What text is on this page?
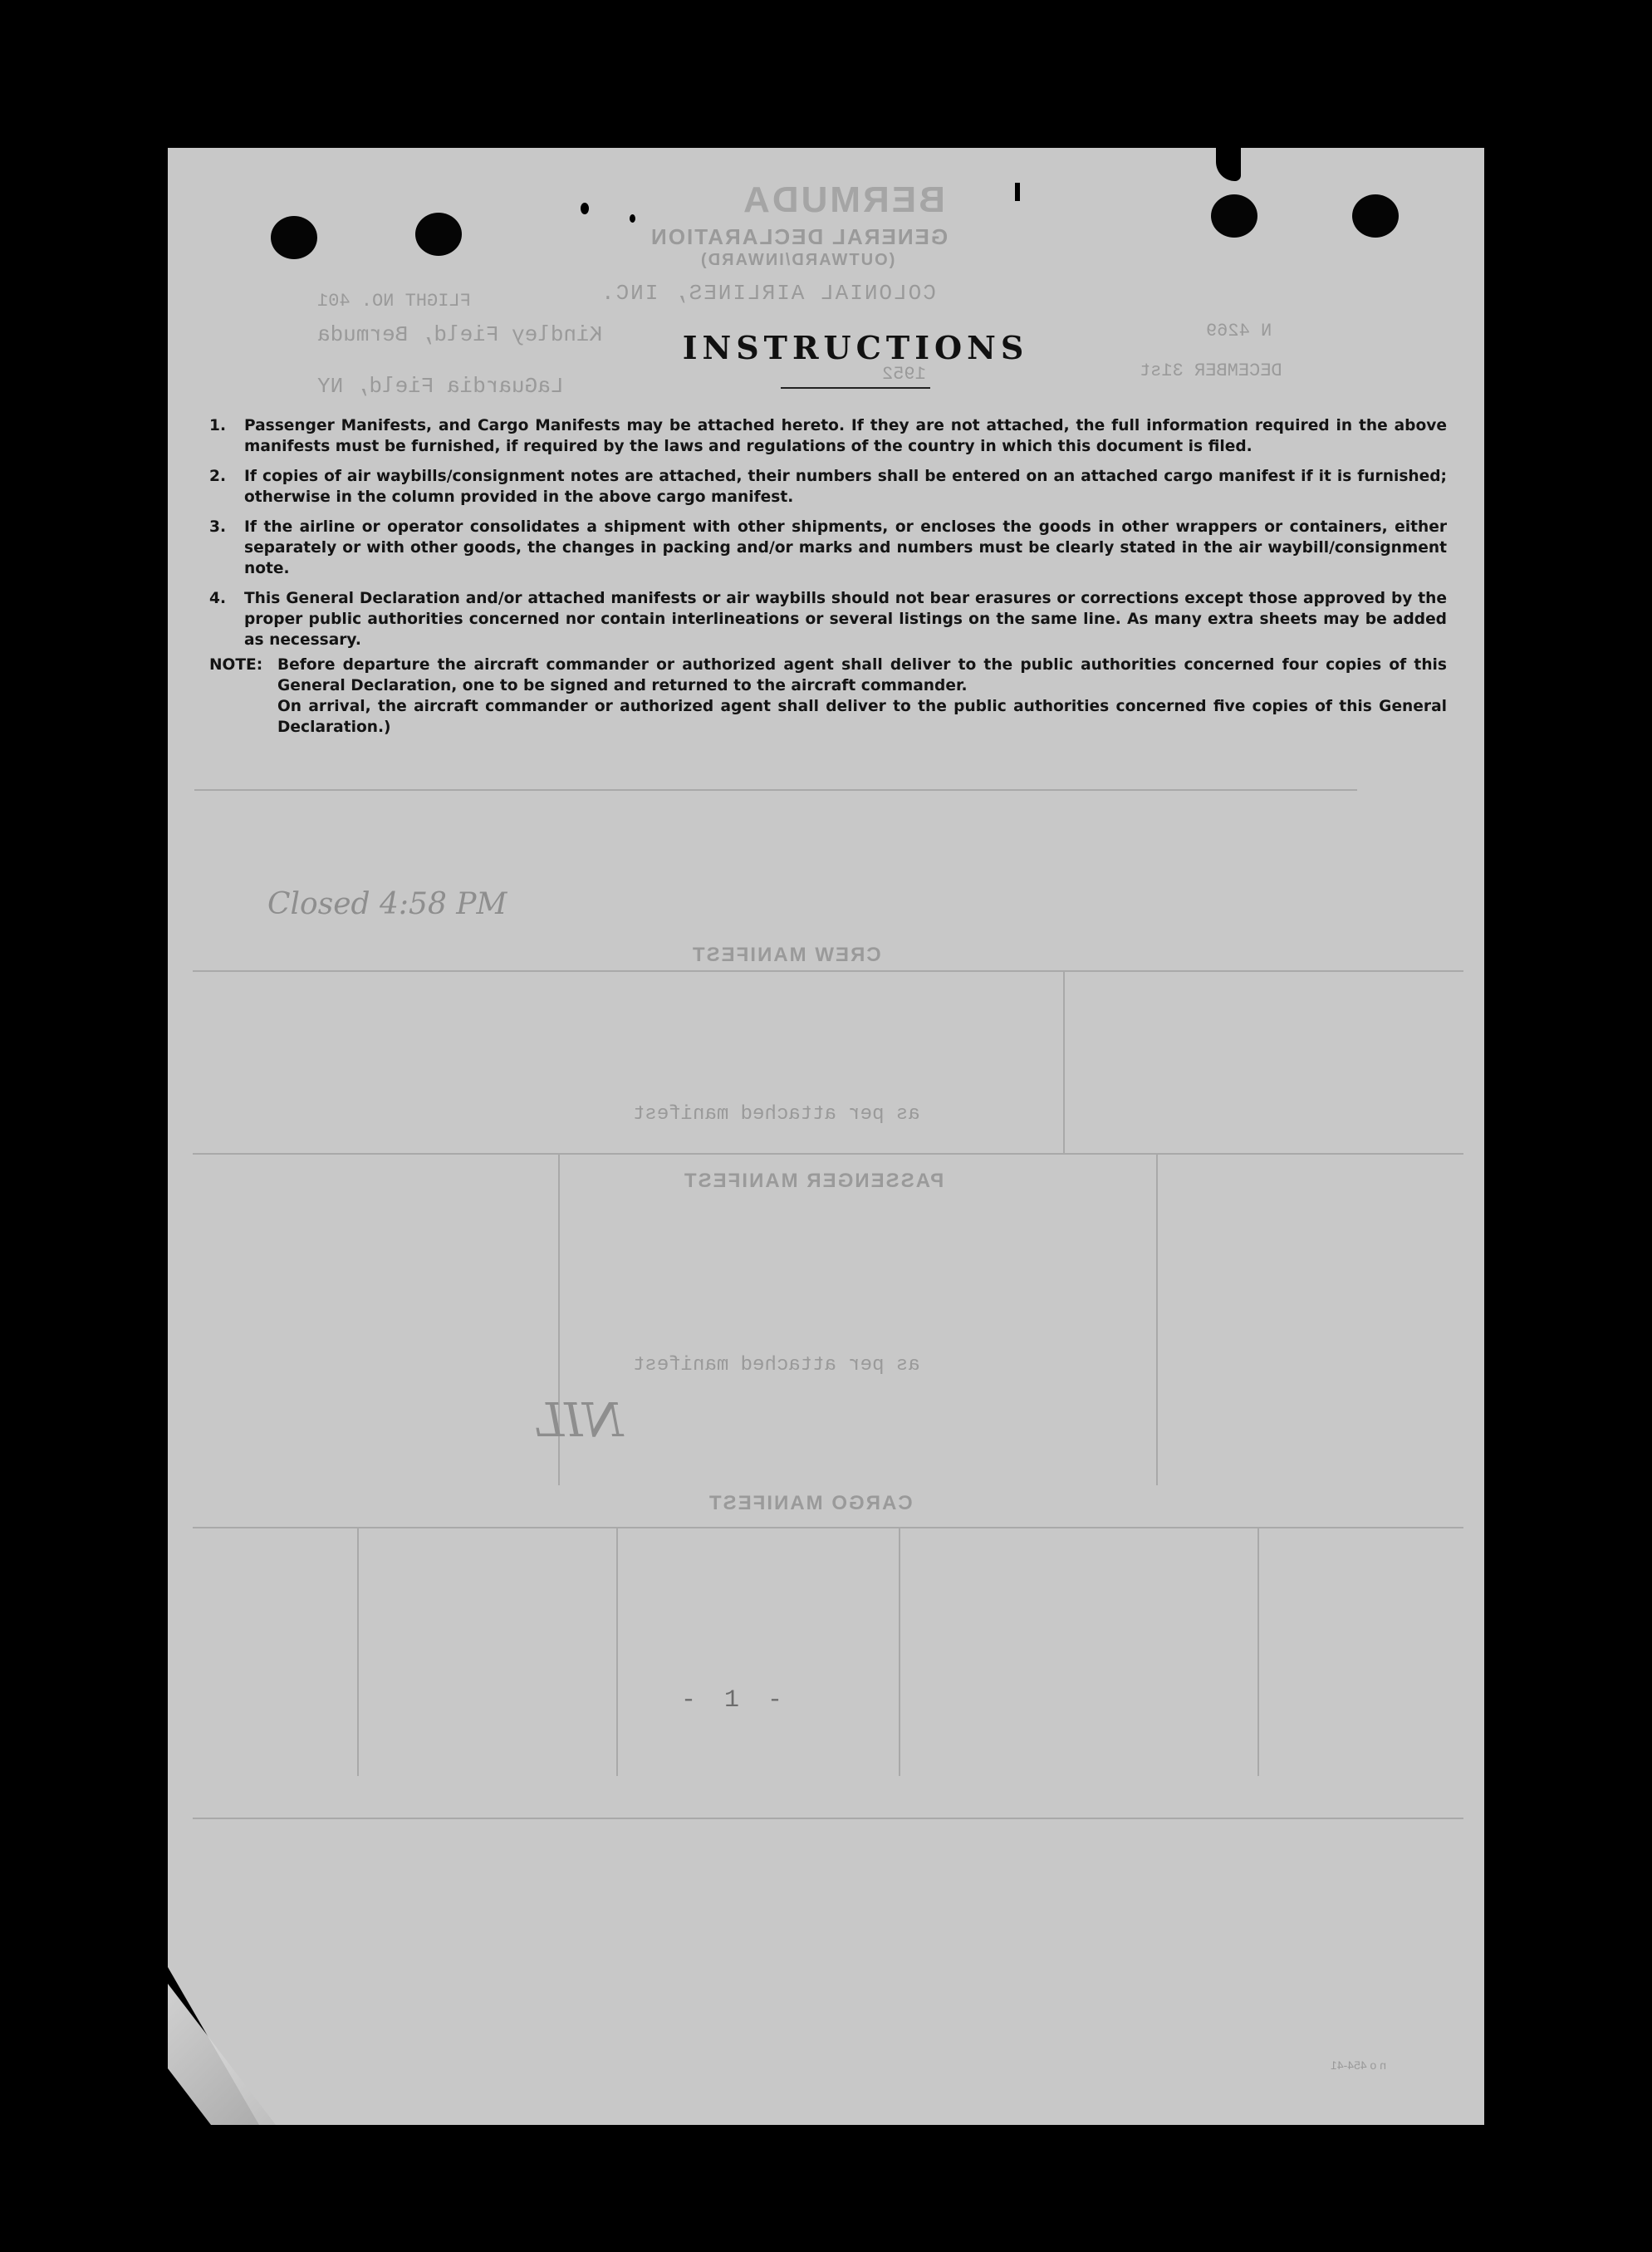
BERMUDA
GENERAL DECLARATION
(OUTWARD/INWARD)
COLONIAL AIRLINES, INC.
FLIGHT NO. 401
Kindley Field, Bermuda
LaGuardia Field, NY
N 4269
DECEMBER 31st
1952
CREW MANIFEST
PASSENGER MANIFEST
CARGO MANIFEST
as per attached manifest
as per attached manifest
n o 454-41
NIL
Closed 4:58 PM
INSTRUCTIONS
1.	Passenger Manifests, and Cargo Manifests may be attached hereto. If they are not attached, the full information required in the above manifests must be furnished, if required by the laws and regulations of the country in which this document is filed.
2.	If copies of air waybills/consignment notes are attached, their numbers shall be entered on an attached cargo manifest if it is furnished; otherwise in the column provided in the above cargo manifest.
3.	If the airline or operator consolidates a shipment with other shipments, or encloses the goods in other wrappers or containers, either separately or with other goods, the changes in packing and/or marks and numbers must be clearly stated in the air waybill/consignment note.
4.	This General Declaration and/or attached manifests or air waybills should not bear erasures or corrections except those approved by the proper public authorities concerned nor contain interlineations or several listings on the same line. As many extra sheets may be added as necessary.
NOTE: Before departure the aircraft commander or authorized agent shall deliver to the public authorities concerned four copies of this General Declaration, one to be signed and returned to the aircraft commander.

On arrival, the aircraft commander or authorized agent shall deliver to the public authorities concerned five copies of this General Declaration.)

- 1 -
